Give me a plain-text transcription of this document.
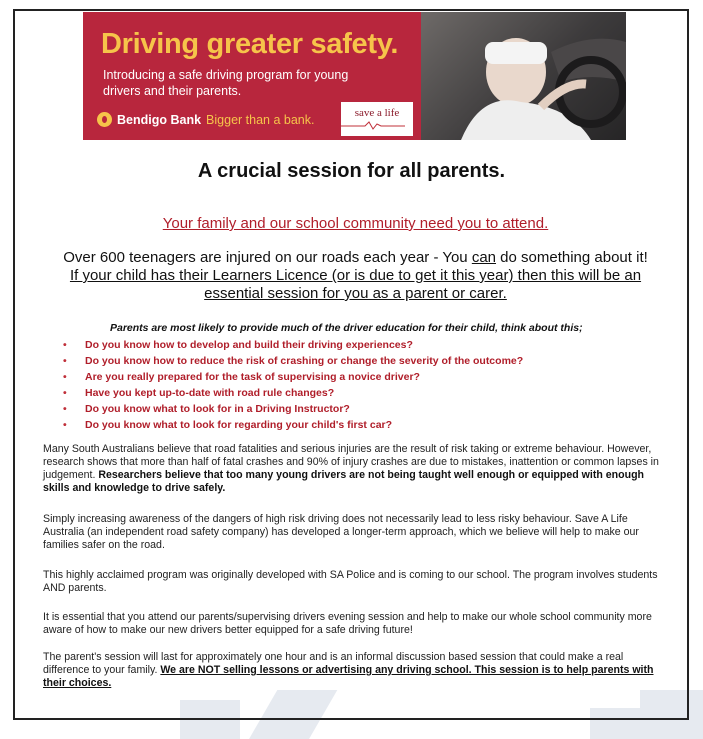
Driving greater safety.
Introducing a safe driving program for young drivers and their parents.
Bendigo Bank Bigger than a bank.	save a life
A crucial session for all parents.
Your family and our school community need you to attend.
Over 600 teenagers are injured on our roads each year - You can do something about it!
If your child has their Learners Licence (or is due to get it this year) then this will be an essential session for you as a parent or carer.
Parents are most likely to provide much of the driver education for their child, think about this;
• Do you know how to develop and build their driving experiences?
• Do you know how to reduce the risk of crashing or change the severity of the outcome?
• Are you really prepared for the task of supervising a novice driver?
• Have you kept up-to-date with road rule changes?
• Do you know what to look for in a Driving Instructor?
• Do you know what to look for regarding your child's first car?
Many South Australians believe that road fatalities and serious injuries are the result of risk taking or extreme behaviour. However, research shows that more than half of fatal crashes and 90% of injury crashes are due to mistakes, inattention or common lapses in judgement. Researchers believe that too many young drivers are not being taught well enough or equipped with enough skills and knowledge to drive safely.
Simply increasing awareness of the dangers of high risk driving does not necessarily lead to less risky behaviour. Save A Life Australia (an independent road safety company) has developed a longer-term approach, which we believe will help to make our families safer on the road.
This highly acclaimed program was originally developed with SA Police and is coming to our school. The program involves students AND parents.
It is essential that you attend our parents/supervising drivers evening session and help to make our whole school community more aware of how to make our new drivers better equipped for a safe driving future!
The parent's session will last for approximately one hour and is an informal discussion based session that could make a real difference to your family. We are NOT selling lessons or advertising any driving school. This session is to help parents with their choices.
